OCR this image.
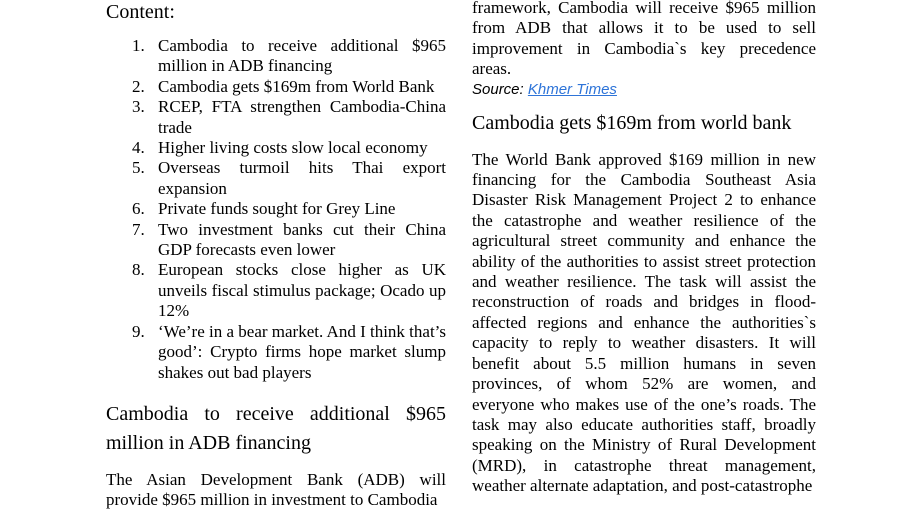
Content:

1. Cambodia to receive additional $965 million in ADB financing
2. Cambodia gets $169m from World Bank
3. RCEP, FTA strengthen Cambodia-China trade
4. Higher living costs slow local economy
5. Overseas turmoil hits Thai export expansion
6. Private funds sought for Grey Line
7. Two investment banks cut their China GDP forecasts even lower
8. European stocks close higher as UK unveils fiscal stimulus package; Ocado up 12%
9. ‘We’re in a bear market. And I think that’s good’: Crypto firms hope market slump shakes out bad players
Cambodia to receive additional $965 million in ADB financing

The Asian Development Bank (ADB) will provide $965 million in investment to Cambodia

framework, Cambodia will receive $965 million from ADB that allows it to be used to sell improvement in Cambodia`s key precedence areas.

Source: Khmer Times

Cambodia gets $169m from world bank

The World Bank approved $169 million in new financing for the Cambodia Southeast Asia Disaster Risk Management Project 2 to enhance the catastrophe and weather resilience of the agricultural street community and enhance the ability of the authorities to assist street protection and weather resilience. The task will assist the reconstruction of roads and bridges in flood-affected regions and enhance the authorities`s capacity to reply to weather disasters. It will benefit about 5.5 million humans in seven provinces, of whom 52% are women, and everyone who makes use of the one’s roads. The task may also educate authorities staff, broadly speaking on the Ministry of Rural Development (MRD), in catastrophe threat management, weather alternate adaptation, and post-catastrophe
